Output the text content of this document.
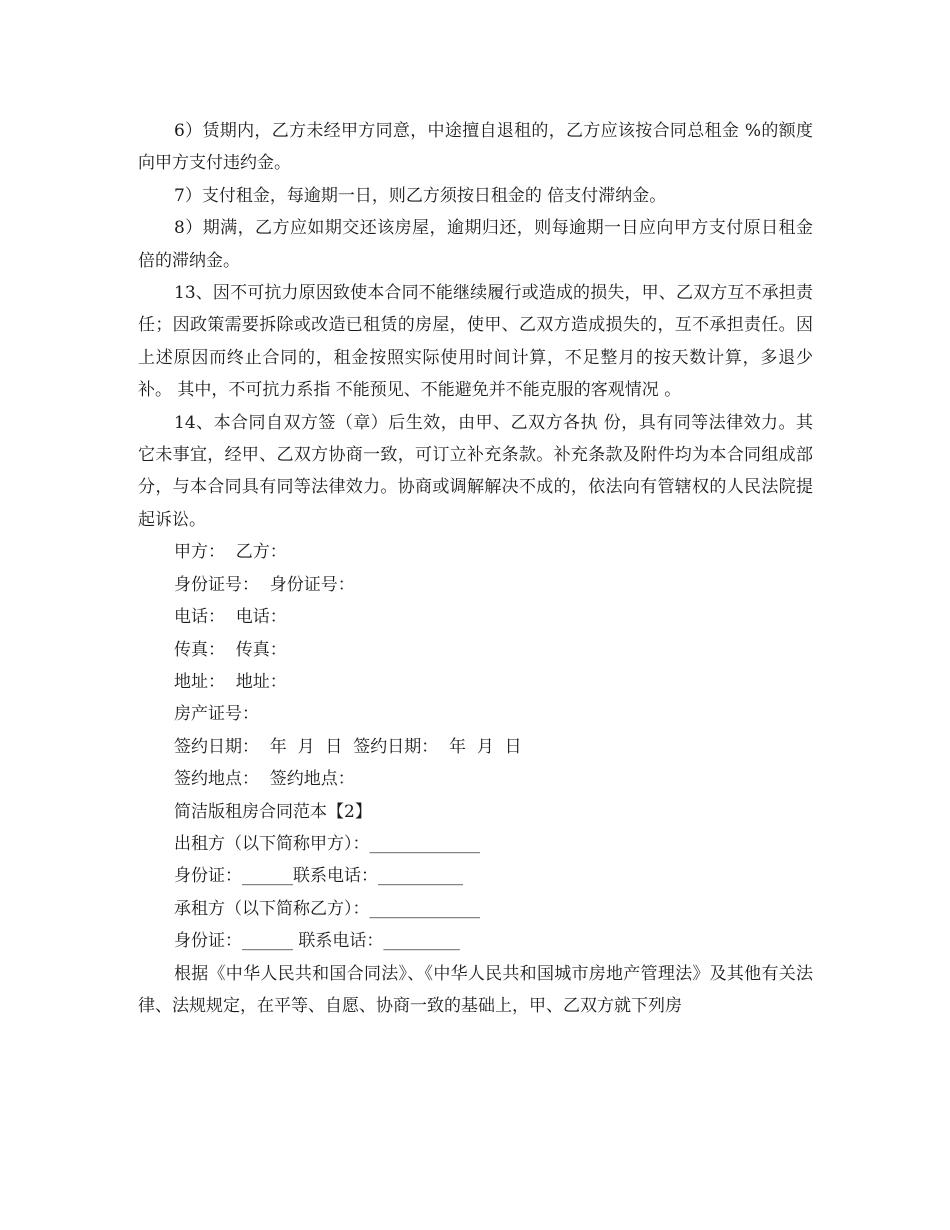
6）赁期内，乙方未经甲方同意，中途擅自退租的，乙方应该按合同总租金 %的额度向甲方支付违约金。

7）支付租金，每逾期一日，则乙方须按日租金的 倍支付滞纳金。

8）期满，乙方应如期交还该房屋，逾期归还，则每逾期一日应向甲方支付原日租金倍的滞纳金。

13、因不可抗力原因致使本合同不能继续履行或造成的损失，甲、乙双方互不承担责任；因政策需要拆除或改造已租赁的房屋，使甲、乙双方造成损失的，互不承担责任。因上述原因而终止合同的，租金按照实际使用时间计算，不足整月的按天数计算，多退少补。 其中，不可抗力系指 不能预见、不能避免并不能克服的客观情况 。

14、本合同自双方签（章）后生效，由甲、乙双方各执 份，具有同等法律效力。其它未事宜，经甲、乙双方协商一致，可订立补充条款。补充条款及附件均为本合同组成部分，与本合同具有同等法律效力。协商或调解解决不成的，依法向有管辖权的人民法院提起诉讼。

甲方：  乙方：

身份证号：  身份证号：

电话：  电话：

传真：  传真：

地址：  地址：

房产证号：

签约日期：  年  月  日  签约日期：  年  月  日

签约地点：  签约地点：

简洁版租房合同范本【2】

出租方（以下简称甲方）：_____________

身份证：______联系电话：__________

承租方（以下简称乙方）：_____________

身份证：______ 联系电话：_________

根据《中华人民共和国合同法》、《中华人民共和国城市房地产管理法》及其他有关法律、法规规定，在平等、自愿、协商一致的基础上，甲、乙双方就下列房
